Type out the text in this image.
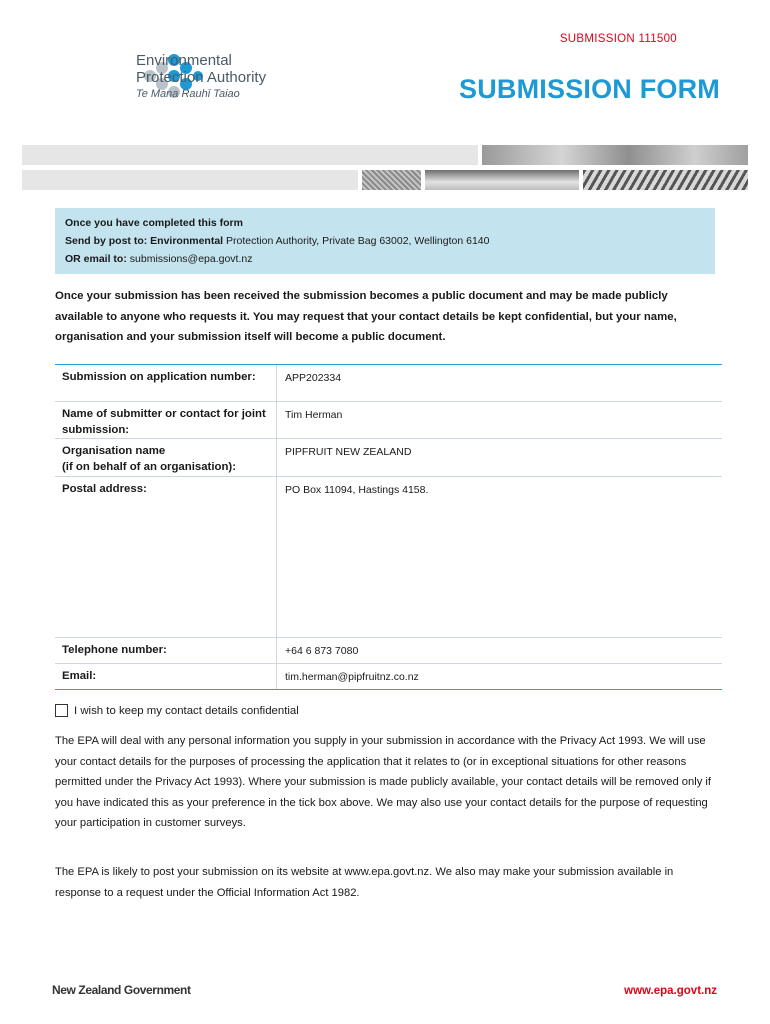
SUBMISSION 111500
SUBMISSION FORM
Environmental
Protection Authority
Te Mana Rauhī Taiao
Once you have completed this form
Send by post to: Environmental Protection Authority, Private Bag 63002, Wellington 6140
OR email to: submissions@epa.govt.nz
Once your submission has been received the submission becomes a public document and may be made publicly available to anyone who requests it. You may request that your contact details be kept confidential, but your name, organisation and your submission itself will become a public document.
Submission on application number:	APP202334
Name of submitter or contact for joint submission:
Tim Herman
Organisation name
(if on behalf of an organisation):
PIPFRUIT NEW ZEALAND
Postal address:	PO Box 11094, Hastings 4158.
Telephone number:	+64 6 873 7080
Email:	tim.herman@pipfruitnz.co.nz
I wish to keep my contact details confidential
The EPA will deal with any personal information you supply in your submission in accordance with the Privacy Act 1993. We will use your contact details for the purposes of processing the application that it relates to (or in exceptional situations for other reasons permitted under the Privacy Act 1993). Where your submission is made publicly available, your contact details will be removed only if you have indicated this as your preference in the tick box above. We may also use your contact details for the purpose of requesting your participation in customer surveys.
The EPA is likely to post your submission on its website at www.epa.govt.nz. We also may make your submission available in response to a request under the Official Information Act 1982.
New Zealand Government	www.epa.govt.nz
